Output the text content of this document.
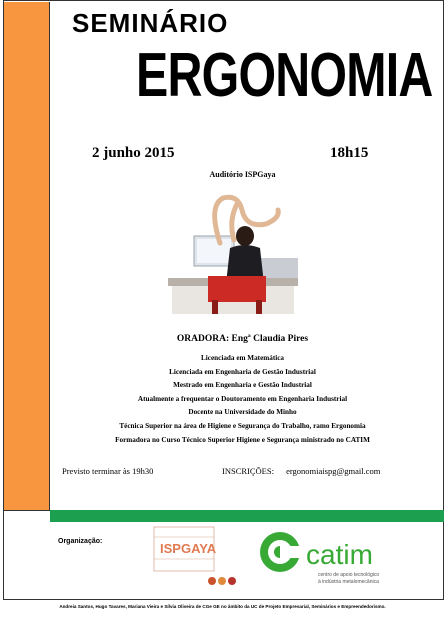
SEMINÁRIO
ERGONOMIA
2 junho 2015	18h15
Auditório ISPGaya
ORADORA: Engª Claudia Pires
Licenciada em Matemática
Licenciada em Engenharia de Gestão Industrial
Mestrado em Engenharia e Gestão Industrial
Atualmente a frequentar o Doutoramento em Engenharia Industrial
Docente na Universidade do Minho
Técnica Superior na área de Higiene e Segurança do Trabalho, ramo Ergonomia
Formadora no Curso Técnico Superior Higiene e Segurança ministrado no CATIM
Previsto terminar às 19h30	INSCRIÇÕES: ergonomiaispg@gmail.com
Organização:	ISPGAYA	catim
centro de apoio tecnológico
à indústria metalomecânica
Andreia Santos, Hugo Tavares, Mariana Vieira e Sílvia Oliveira de CGe GE no âmbito da UC de Projeto Empresarial, Seminários e Empreendedorismo.
